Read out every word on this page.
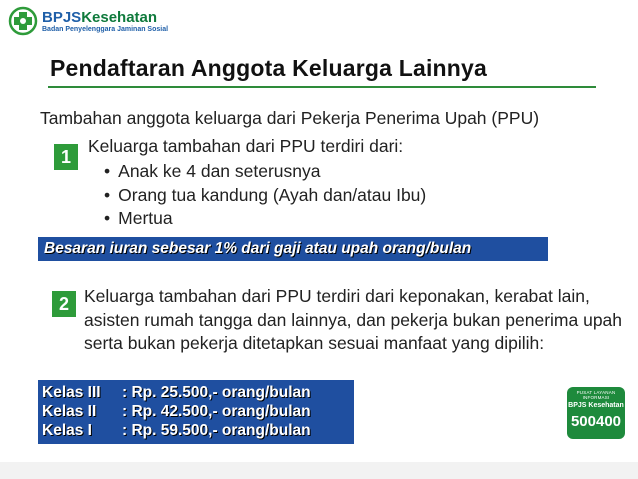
BPJSKesehatan
Badan Penyelenggara Jaminan Sosial
Pendaftaran Anggota Keluarga Lainnya
Tambahan anggota keluarga dari Pekerja Penerima Upah (PPU)
1
Keluarga tambahan dari PPU terdiri dari:
• Anak ke 4 dan seterusnya
• Orang tua kandung (Ayah dan/atau Ibu)
• Mertua
Besaran iuran sebesar 1% dari gaji atau upah orang/bulan
2 Keluarga tambahan dari PPU terdiri dari keponakan, kerabat lain, asisten rumah tangga dan lainnya, dan pekerja bukan penerima upah serta bukan pekerja ditetapkan sesuai manfaat yang dipilih:
Kelas III : Rp. 25.500,- orang/bulan
Kelas II : Rp. 42.500,- orang/bulan
Kelas I : Rp. 59.500,- orang/bulan
PUSAT LAYANAN INFORMASI
BPJS Kesehatan
500400
